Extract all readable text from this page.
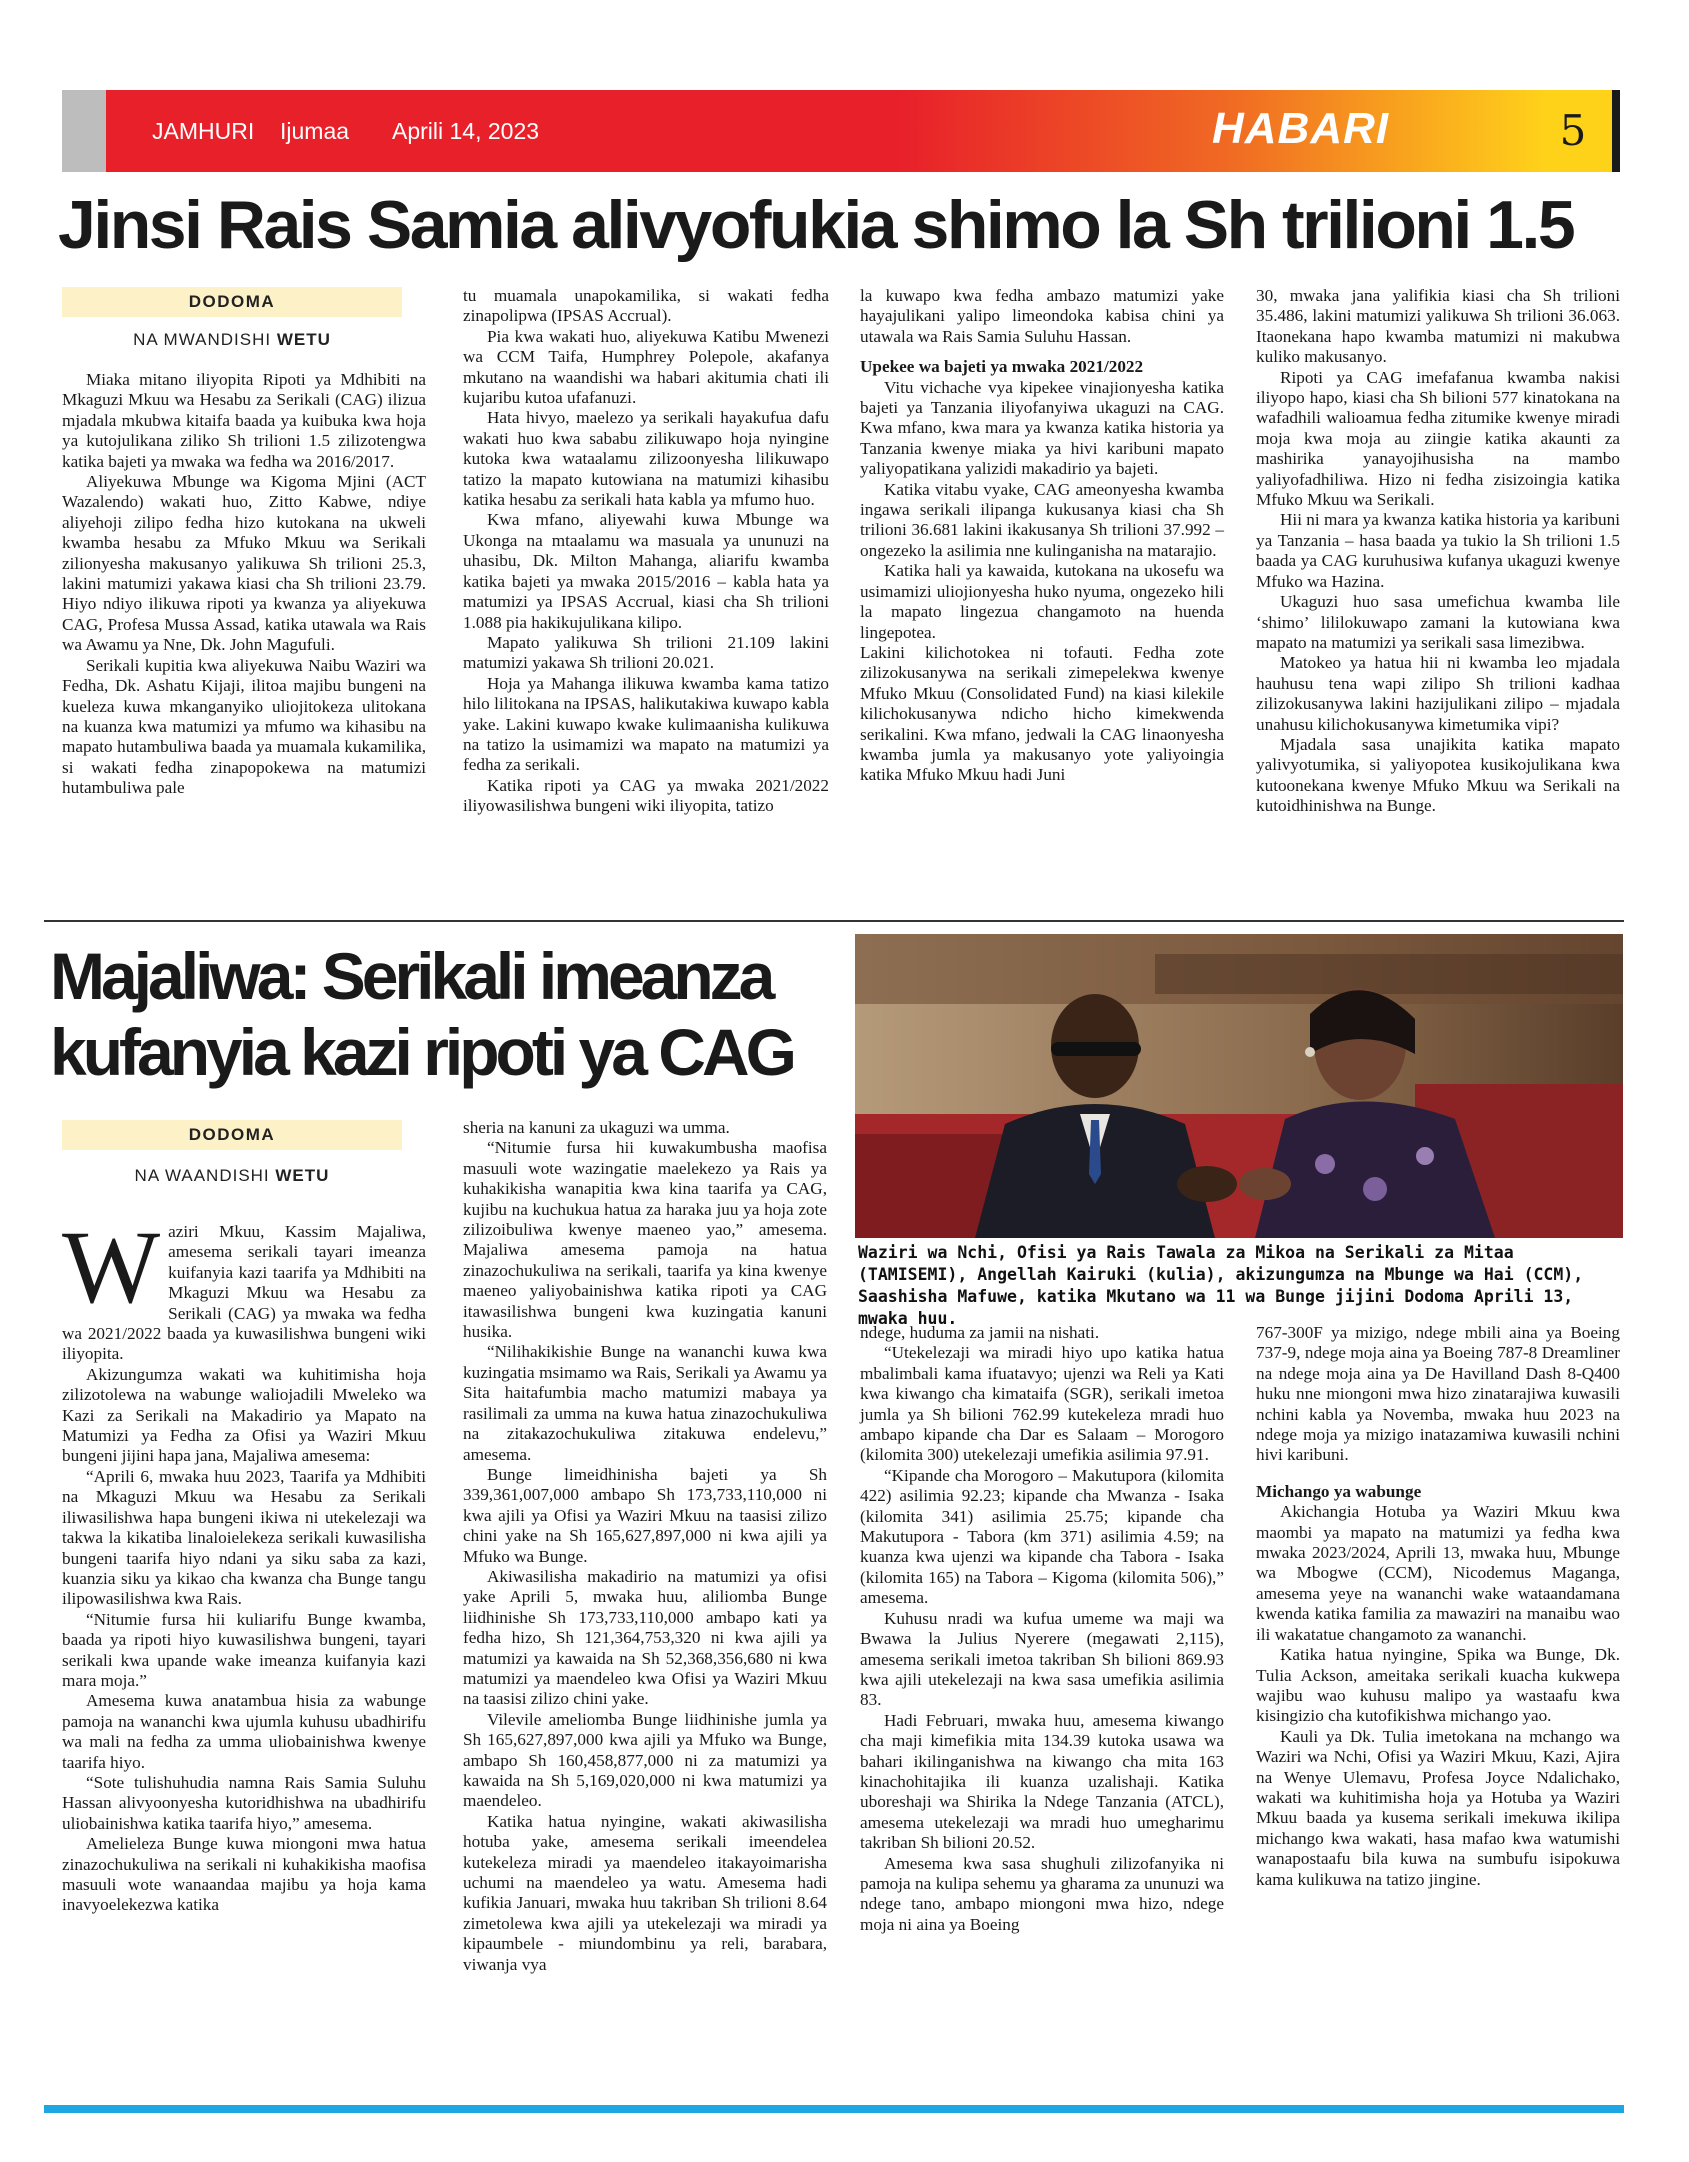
JAMHURI Ijumaa Aprili 14, 2023	HABARI	5
Jinsi Rais Samia alivyofukia shimo la Sh trilioni 1.5
DODOMA
NA MWANDISHI WETU

Miaka mitano iliyopita Ripoti ya Mdhibiti na Mkaguzi Mkuu wa Hesabu za Serikali (CAG) ilizua mjadala mkubwa kitaifa baada ya kuibuka kwa hoja ya kutojulikana ziliko Sh trilioni 1.5 zilizotengwa katika bajeti ya mwaka wa fedha wa 2016/2017.

Aliyekuwa Mbunge wa Kigoma Mjini (ACT Wazalendo) wakati huo, Zitto Kabwe, ndiye aliyehoji zilipo fedha hizo kutokana na ukweli kwamba hesabu za Mfuko Mkuu wa Serikali zilionyesha makusanyo yalikuwa Sh trilioni 25.3, lakini matumizi yakawa kiasi cha Sh trilioni 23.79. Hiyo ndiyo ilikuwa ripoti ya kwanza ya aliyekuwa CAG, Profesa Mussa Assad, katika utawala wa Rais wa Awamu ya Nne, Dk. John Magufuli.

Serikali kupitia kwa aliyekuwa Naibu Waziri wa Fedha, Dk. Ashatu Kijaji, ilitoa majibu bungeni na kueleza kuwa mkanganyiko uliojitokeza ulitokana na kuanza kwa matumizi ya mfumo wa kihasibu na mapato hutambuliwa baada ya muamala kukamilika, si wakati fedha zinapopokewa na matumizi hutambuliwa pale

tu muamala unapokamilika, si wakati fedha zinapolipwa (IPSAS Accrual).

Pia kwa wakati huo, aliyekuwa Katibu Mwenezi wa CCM Taifa, Humphrey Polepole, akafanya mkutano na waandishi wa habari akitumia chati ili kujaribu kutoa ufafanuzi.

Hata hivyo, maelezo ya serikali hayakufua dafu wakati huo kwa sababu zilikuwapo hoja nyingine kutoka kwa wataalamu zilizoonyesha lilikuwapo tatizo la mapato kutowiana na matumizi kihasibu katika hesabu za serikali hata kabla ya mfumo huo.

Kwa mfano, aliyewahi kuwa Mbunge wa Ukonga na mtaalamu wa masuala ya ununuzi na uhasibu, Dk. Milton Mahanga, aliarifu kwamba katika bajeti ya mwaka 2015/2016 – kabla hata ya matumizi ya IPSAS Accrual, kiasi cha Sh trilioni 1.088 pia hakikujulikana kilipo.

Mapato yalikuwa Sh trilioni 21.109 lakini matumizi yakawa Sh trilioni 20.021.

Hoja ya Mahanga ilikuwa kwamba kama tatizo hilo lilitokana na IPSAS, halikutakiwa kuwapo kabla yake. Lakini kuwapo kwake kulimaanisha kulikuwa na tatizo la usimamizi wa mapato na matumizi ya fedha za serikali.

Katika ripoti ya CAG ya mwaka 2021/2022 iliyowasilishwa bungeni wiki iliyopita, tatizo

la kuwapo kwa fedha ambazo matumizi yake hayajulikani yalipo limeondoka kabisa chini ya utawala wa Rais Samia Suluhu Hassan.

Upekee wa bajeti ya mwaka 2021/2022

Vitu vichache vya kipekee vinajionyesha katika bajeti ya Tanzania iliyofanyiwa ukaguzi na CAG. Kwa mfano, kwa mara ya kwanza katika historia ya Tanzania kwenye miaka ya hivi karibuni mapato yaliyopatikana yalizidi makadirio ya bajeti.

Katika vitabu vyake, CAG ameonyesha kwamba ingawa serikali ilipanga kukusanya kiasi cha Sh trilioni 36.681 lakini ikakusanya Sh trilioni 37.992 – ongezeko la asilimia nne kulinganisha na matarajio.

Katika hali ya kawaida, kutokana na ukosefu wa usimamizi uliojionyesha huko nyuma, ongezeko hili la mapato lingezua changamoto na huenda lingepotea.

Lakini kilichotokea ni tofauti. Fedha zote zilizokusanywa na serikali zimepelekwa kwenye Mfuko Mkuu (Consolidated Fund) na kiasi kilekile kilichokusanywa ndicho hicho kimekwenda serikalini. Kwa mfano, jedwali la CAG linaonyesha kwamba jumla ya makusanyo yote yaliyoingia katika Mfuko Mkuu hadi Juni

30, mwaka jana yalifikia kiasi cha Sh trilioni 35.486, lakini matumizi yalikuwa Sh trilioni 36.063. Itaonekana hapo kwamba matumizi ni makubwa kuliko makusanyo.

Ripoti ya CAG imefafanua kwamba nakisi iliyopo hapo, kiasi cha Sh bilioni 577 kinatokana na wafadhili walioamua fedha zitumike kwenye miradi moja kwa moja au ziingie katika akaunti za mashirika yanayojihusisha na mambo yaliyofadhiliwa. Hizo ni fedha zisizoingia katika Mfuko Mkuu wa Serikali.

Hii ni mara ya kwanza katika historia ya karibuni ya Tanzania – hasa baada ya tukio la Sh trilioni 1.5 baada ya CAG kuruhusiwa kufanya ukaguzi kwenye Mfuko wa Hazina.

Ukaguzi huo sasa umefichua kwamba lile ‘shimo’ lililokuwapo zamani la kutowiana kwa mapato na matumizi ya serikali sasa limezibwa.

Matokeo ya hatua hii ni kwamba leo mjadala hauhusu tena wapi zilipo Sh trilioni kadhaa zilizokusanywa lakini hazijulikani zilipo – mjadala unahusu kilichokusanywa kimetumika vipi?

Mjadala sasa unajikita katika mapato yalivyotumika, si yaliyopotea kusikojulikana kwa kutoonekana kwenye Mfuko Mkuu wa Serikali na kutoidhinishwa na Bunge.

Majaliwa: Serikali imeanza
kufanyia kazi ripoti ya CAG
DODOMA
NA WAANDISHI WETU

Waziri Mkuu, Kassim Majaliwa, amesema serikali tayari imeanza kuifanyia kazi taarifa ya Mdhibiti na Mkaguzi Mkuu wa Hesabu za Serikali (CAG) ya mwaka wa fedha wa 2021/2022 baada ya kuwasilishwa bungeni wiki iliyopita.

Akizungumza wakati wa kuhitimisha hoja zilizotolewa na wabunge waliojadili Mweleko wa Kazi za Serikali na Makadirio ya Mapato na Matumizi ya Fedha za Ofisi ya Waziri Mkuu bungeni jijini hapa jana, Majaliwa amesema:

“Aprili 6, mwaka huu 2023, Taarifa ya Mdhibiti na Mkaguzi Mkuu wa Hesabu za Serikali iliwasilishwa hapa bungeni ikiwa ni utekelezaji wa takwa la kikatiba linaloielekeza serikali kuwasilisha bungeni taarifa hiyo ndani ya siku saba za kazi, kuanzia siku ya kikao cha kwanza cha Bunge tangu ilipowasilishwa kwa Rais.

“Nitumie fursa hii kuliarifu Bunge kwamba, baada ya ripoti hiyo kuwasilishwa bungeni, tayari serikali kwa upande wake imeanza kuifanyia kazi mara moja.”

Amesema kuwa anatambua hisia za wabunge pamoja na wananchi kwa ujumla kuhusu ubadhirifu wa mali na fedha za umma uliobainishwa kwenye taarifa hiyo.

“Sote tulishuhudia namna Rais Samia Suluhu Hassan alivyoonyesha kutoridhishwa na ubadhirifu uliobainishwa katika taarifa hiyo,” amesema.

Amelieleza Bunge kuwa miongoni mwa hatua zinazochukuliwa na serikali ni kuhakikisha maofisa masuuli wote wanaandaa majibu ya hoja kama inavyoelekezwa katika

sheria na kanuni za ukaguzi wa umma.

“Nitumie fursa hii kuwakumbusha maofisa masuuli wote wazingatie maelekezo ya Rais ya kuhakikisha wanapitia kwa kina taarifa ya CAG, kujibu na kuchukua hatua za haraka juu ya hoja zote zilizoibuliwa kwenye maeneo yao,” amesema. Majaliwa amesema pamoja na hatua zinazochukuliwa na serikali, taarifa ya kina kwenye maeneo yaliyobainishwa katika ripoti ya CAG itawasilishwa bungeni kwa kuzingatia kanuni husika.

“Nilihakikishie Bunge na wananchi kuwa kwa kuzingatia msimamo wa Rais, Serikali ya Awamu ya Sita haitafumbia macho matumizi mabaya ya rasilimali za umma na kuwa hatua zinazochukuliwa na zitakazochukuliwa zitakuwa endelevu,” amesema.

Bunge limeidhinisha bajeti ya Sh 339,361,007,000 ambapo Sh 173,733,110,000 ni kwa ajili ya Ofisi ya Waziri Mkuu na taasisi zilizo chini yake na Sh 165,627,897,000 ni kwa ajili ya Mfuko wa Bunge.

Akiwasilisha makadirio na matumizi ya ofisi yake Aprili 5, mwaka huu, aliliomba Bunge liidhinishe Sh 173,733,110,000 ambapo kati ya fedha hizo, Sh 121,364,753,320 ni kwa ajili ya matumizi ya kawaida na Sh 52,368,356,680 ni kwa matumizi ya maendeleo kwa Ofisi ya Waziri Mkuu na taasisi zilizo chini yake.

Vilevile ameliomba Bunge liidhinishe jumla ya Sh 165,627,897,000 kwa ajili ya Mfuko wa Bunge, ambapo Sh 160,458,877,000 ni za matumizi ya kawaida na Sh 5,169,020,000 ni kwa matumizi ya maendeleo.

Katika hatua nyingine, wakati akiwasilisha hotuba yake, amesema serikali imeendelea kutekeleza miradi ya maendeleo itakayoimarisha uchumi na maendeleo ya watu. Amesema hadi kufikia Januari, mwaka huu takriban Sh trilioni 8.64 zimetolewa kwa ajili ya utekelezaji wa miradi ya kipaumbele - miundombinu ya reli, barabara, viwanja vya

Waziri wa Nchi, Ofisi ya Rais Tawala za Mikoa na Serikali za Mitaa (TAMISEMI), Angellah Kairuki (kulia), akizungumza na Mbunge wa Hai (CCM), Saashisha Mafuwe, katika Mkutano wa 11 wa Bunge jijini Dodoma Aprili 13, mwaka huu.

ndege, huduma za jamii na nishati.

“Utekelezaji wa miradi hiyo upo katika hatua mbalimbali kama ifuatavyo; ujenzi wa Reli ya Kati kwa kiwango cha kimataifa (SGR), serikali imetoa jumla ya Sh bilioni 762.99 kutekeleza mradi huo ambapo kipande cha Dar es Salaam – Morogoro (kilomita 300) utekelezaji umefikia asilimia 97.91.

“Kipande cha Morogoro – Makutupora (kilomita 422) asilimia 92.23; kipande cha Mwanza - Isaka (kilomita 341) asilimia 25.75; kipande cha Makutupora - Tabora (km 371) asilimia 4.59; na kuanza kwa ujenzi wa kipande cha Tabora - Isaka (kilomita 165) na Tabora – Kigoma (kilomita 506),” amesema.

Kuhusu nradi wa kufua umeme wa maji wa Bwawa la Julius Nyerere (megawati 2,115), amesema serikali imetoa takriban Sh bilioni 869.93 kwa ajili utekelezaji na kwa sasa umefikia asilimia 83.

Hadi Februari, mwaka huu, amesema kiwango cha maji kimefikia mita 134.39 kutoka usawa wa bahari ikilinganishwa na kiwango cha mita 163 kinachohitajika ili kuanza uzalishaji. Katika uboreshaji wa Shirika la Ndege Tanzania (ATCL), amesema utekelezaji wa mradi huo umegharimu takriban Sh bilioni 20.52.

Amesema kwa sasa shughuli zilizofanyika ni pamoja na kulipa sehemu ya gharama za ununuzi wa ndege tano, ambapo miongoni mwa hizo, ndege moja ni aina ya Boeing

767-300F ya mizigo, ndege mbili aina ya Boeing 737-9, ndege moja aina ya Boeing 787-8 Dreamliner na ndege moja aina ya De Havilland Dash 8-Q400 huku nne miongoni mwa hizo zinatarajiwa kuwasili nchini kabla ya Novemba, mwaka huu 2023 na ndege moja ya mizigo inatazamiwa kuwasili nchini hivi karibuni.

Michango ya wabunge

Akichangia Hotuba ya Waziri Mkuu kwa maombi ya mapato na matumizi ya fedha kwa mwaka 2023/2024, Aprili 13, mwaka huu, Mbunge wa Mbogwe (CCM), Nicodemus Maganga, amesema yeye na wananchi wake wataandamana kwenda katika familia za mawaziri na manaibu wao ili wakatatue changamoto za wananchi.

Katika hatua nyingine, Spika wa Bunge, Dk. Tulia Ackson, ameitaka serikali kuacha kukwepa wajibu wao kuhusu malipo ya wastaafu kwa kisingizio cha kutofikishwa michango yao.

Kauli ya Dk. Tulia imetokana na mchango wa Waziri wa Nchi, Ofisi ya Waziri Mkuu, Kazi, Ajira na Wenye Ulemavu, Profesa Joyce Ndalichako, wakati wa kuhitimisha hoja ya Hotuba ya Waziri Mkuu baada ya kusema serikali imekuwa ikilipa michango kwa wakati, hasa mafao kwa watumishi wanapostaafu bila kuwa na sumbufu isipokuwa kama kulikuwa na tatizo jingine.
